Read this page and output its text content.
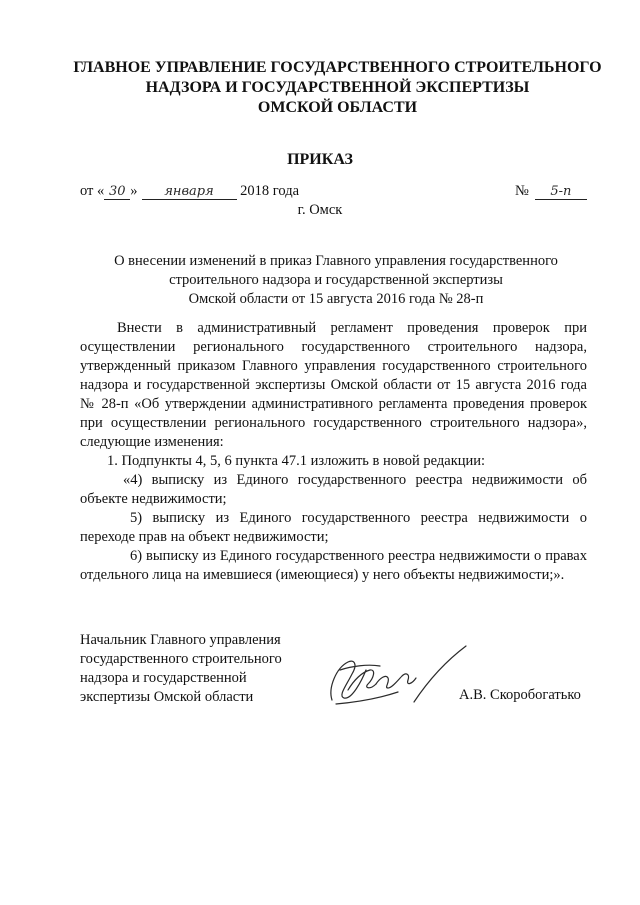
ГЛАВНОЕ УПРАВЛЕНИЕ ГОСУДАРСТВЕННОГО СТРОИТЕЛЬНОГО
НАДЗОРА И ГОСУДАРСТВЕННОЙ ЭКСПЕРТИЗЫ
ОМСКОЙ ОБЛАСТИ
ПРИКАЗ
от « 30 » января 2018 года	№ 5-п
г. Омск
О внесении изменений в приказ Главного управления государственного
строительного надзора и государственной экспертизы
Омской области от 15 августа 2016 года № 28-п

Внести в административный регламент проведения проверок при осуществлении регионального государственного строительного надзора, утвержденный приказом Главного управления государственного строительного надзора и государственной экспертизы Омской области от 15 августа 2016 года № 28-п «Об утверждении административного регламента проведения проверок при осуществлении регионального государственного строительного надзора», следующие изменения:

1. Подпункты 4, 5, 6 пункта 47.1 изложить в новой редакции:

«4) выписку из Единого государственного реестра недвижимости об объекте недвижимости;

5) выписку из Единого государственного реестра недвижимости о переходе прав на объект недвижимости;

6) выписку из Единого государственного реестра недвижимости о правах отдельного лица на имевшиеся (имеющиеся) у него объекты недвижимости;».

Начальник Главного управления
государственного строительного
надзора и государственной
экспертизы Омской области	А.В. Скоробогатько
